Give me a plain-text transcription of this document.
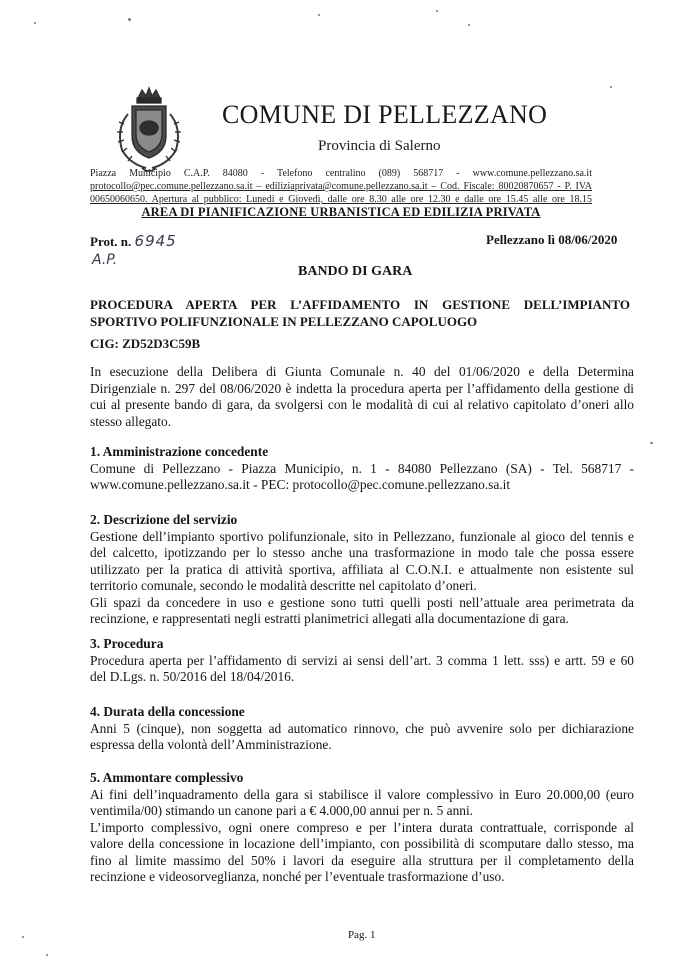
COMUNE DI PELLEZZANO
Provincia di Salerno
Piazza Municipio C.A.P. 84080 - Telefono centralino (089) 568717 - www.comune.pellezzano.sa.it
protocollo@pec.comune.pellezzano.sa.it – ediliziaprivata@comune.pellezzano.sa.it – Cod. Fiscale: 80020870657 - P. IVA
00650060650. Apertura al pubblico: Lunedì e Giovedì, dalle ore 8.30 alle ore 12.30 e dalle ore 15.45 alle ore 18.15
AREA DI PIANIFICAZIONE URBANISTICA ED EDILIZIA PRIVATA
Prot. n. 6945
A.P.
Pellezzano lì 08/06/2020
BANDO DI GARA
PROCEDURA APERTA PER L’AFFIDAMENTO IN GESTIONE DELL’IMPIANTO
SPORTIVO POLIFUNZIONALE IN PELLEZZANO CAPOLUOGO
CIG: ZD52D3C59B
In esecuzione della Delibera di Giunta Comunale n. 40 del 01/06/2020 e della Determina
Dirigenziale n. 297 del 08/06/2020 è indetta la procedura aperta per l’affidamento della gestione di
cui al presente bando di gara, da svolgersi con le modalità di cui al relativo capitolato d’oneri allo
stesso allegato.
1. Amministrazione concedente
Comune di Pellezzano - Piazza Municipio, n. 1 - 84080 Pellezzano (SA) - Tel. 568717 -
www.comune.pellezzano.sa.it - PEC: protocollo@pec.comune.pellezzano.sa.it
2. Descrizione del servizio
Gestione dell’impianto sportivo polifunzionale, sito in Pellezzano, funzionale al gioco del tennis e
del calcetto, ipotizzando per lo stesso anche una trasformazione in modo tale che possa essere
utilizzato per la pratica di attività sportiva, affiliata al C.O.N.I. e attualmente non esistente sul
territorio comunale, secondo le modalità descritte nel capitolato d’oneri.
Gli spazi da concedere in uso e gestione sono tutti quelli posti nell’attuale area perimetrata da
recinzione, e rappresentati negli estratti planimetrici allegati alla documentazione di gara.
3. Procedura
Procedura aperta per l’affidamento di servizi ai sensi dell’art. 3 comma 1 lett. sss) e artt. 59 e 60
del D.Lgs. n. 50/2016 del 18/04/2016.
4. Durata della concessione
Anni 5 (cinque), non soggetta ad automatico rinnovo, che può avvenire solo per dichiarazione
espressa della volontà dell’Amministrazione.
5. Ammontare complessivo
Ai fini dell’inquadramento della gara si stabilisce il valore complessivo in Euro 20.000,00 (euro
ventimila/00) stimando un canone pari a € 4.000,00 annui per n. 5 anni.
L’importo complessivo, ogni onere compreso e per l’intera durata contrattuale, corrisponde al
valore della concessione in locazione dell’impianto, con possibilità di scomputare dallo stesso, ma
fino al limite massimo del 50% i lavori da eseguire alla struttura per il completamento della
recinzione e videosorveglianza, nonché per l’eventuale trasformazione d’uso.
Pag. 1
